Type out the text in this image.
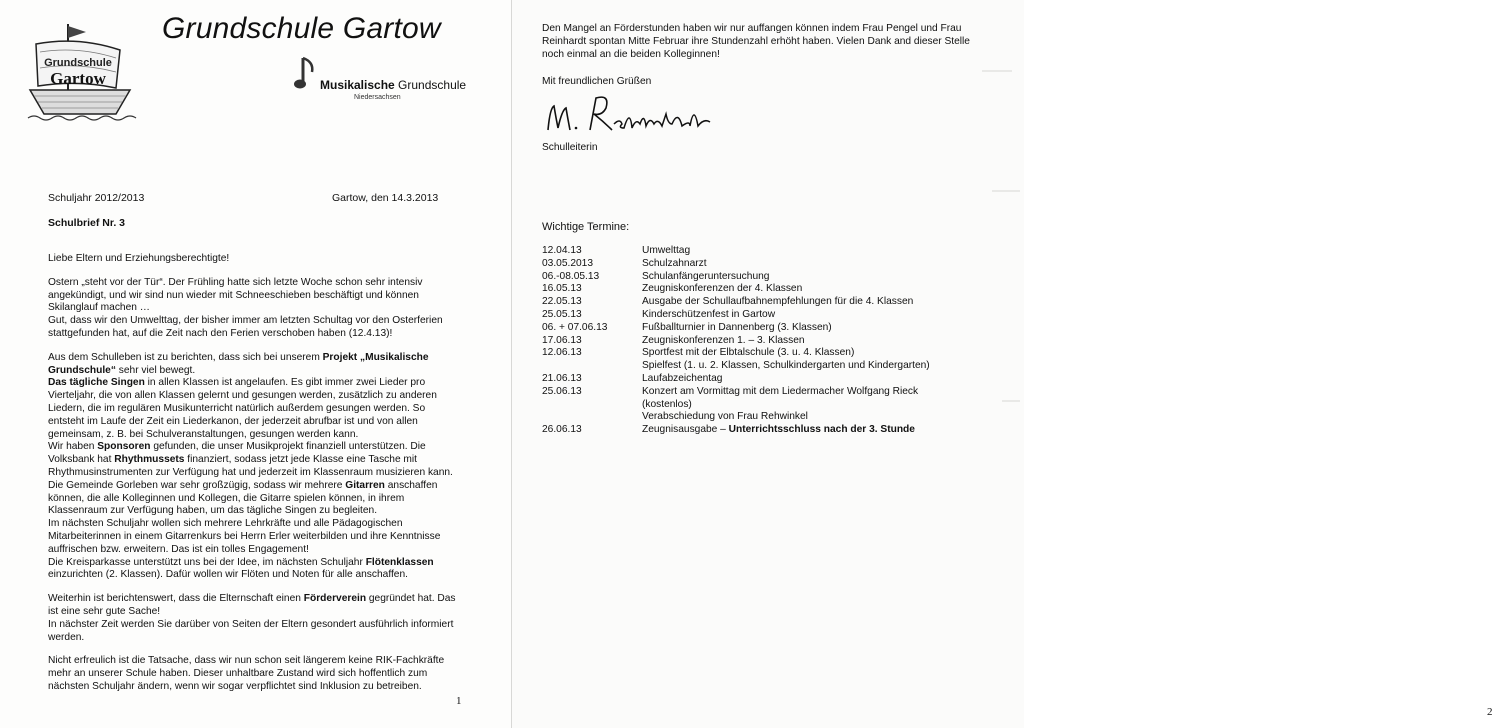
Grundschule
Gartow
Grundschule Gartow
Musikalische Grundschule
Niedersachsen
Schuljahr 2012/2013	Gartow, den 14.3.2013
Schulbrief Nr. 3

Liebe Eltern und Erziehungsberechtigte!

Ostern „steht vor der Tür“. Der Frühling hatte sich letzte Woche schon sehr intensiv angekündigt, und wir sind nun wieder mit Schneeschieben beschäftigt und können Skilanglauf machen …

Gut, dass wir den Umwelttag, der bisher immer am letzten Schultag vor den Osterferien stattgefunden hat, auf die Zeit nach den Ferien verschoben haben (12.4.13)!

Aus dem Schulleben ist zu berichten, dass sich bei unserem Projekt „Musikalische Grundschule“ sehr viel bewegt.

Das tägliche Singen in allen Klassen ist angelaufen. Es gibt immer zwei Lieder pro Vierteljahr, die von allen Klassen gelernt und gesungen werden, zusätzlich zu anderen Liedern, die im regulären Musikunterricht natürlich außerdem gesungen werden. So entsteht im Laufe der Zeit ein Liederkanon, der jederzeit abrufbar ist und von allen gemeinsam, z. B. bei Schulveranstaltungen, gesungen werden kann.

Wir haben Sponsoren gefunden, die unser Musikprojekt finanziell unterstützen. Die Volksbank hat Rhythmussets finanziert, sodass jetzt jede Klasse eine Tasche mit Rhythmusinstrumenten zur Verfügung hat und jederzeit im Klassenraum musizieren kann. Die Gemeinde Gorleben war sehr großzügig, sodass wir mehrere Gitarren anschaffen können, die alle Kolleginnen und Kollegen, die Gitarre spielen können, in ihrem Klassenraum zur Verfügung haben, um das tägliche Singen zu begleiten.

Im nächsten Schuljahr wollen sich mehrere Lehrkräfte und alle Pädagogischen Mitarbeiterinnen in einem Gitarrenkurs bei Herrn Erler weiterbilden und ihre Kenntnisse auffrischen bzw. erweitern. Das ist ein tolles Engagement!

Die Kreisparkasse unterstützt uns bei der Idee, im nächsten Schuljahr Flötenklassen einzurichten (2. Klassen). Dafür wollen wir Flöten und Noten für alle anschaffen.

Weiterhin ist berichtenswert, dass die Elternschaft einen Förderverein gegründet hat. Das ist eine sehr gute Sache!

In nächster Zeit werden Sie darüber von Seiten der Eltern gesondert ausführlich informiert werden.

Nicht erfreulich ist die Tatsache, dass wir nun schon seit längerem keine RIK-Fachkräfte mehr an unserer Schule haben. Dieser unhaltbare Zustand wird sich hoffentlich zum nächsten Schuljahr ändern, wenn wir sogar verpflichtet sind Inklusion zu betreiben.

1
2
Den Mangel an Förderstunden haben wir nur auffangen können indem Frau Pengel und Frau Reinhardt spontan Mitte Februar ihre Stundenzahl erhöht haben. Vielen Dank and dieser Stelle noch einmal an die beiden Kolleginnen!
Mit freundlichen Grüßen
Schulleiterin
Wichtige Termine:
12.04.13	Umwelttag
03.05.2013	Schulzahnarzt
06.-08.05.13	Schulanfängeruntersuchung
16.05.13	Zeugniskonferenzen der 4. Klassen
22.05.13	Ausgabe der Schullaufbahnempfehlungen für die 4. Klassen
25.05.13	Kinderschützenfest in Gartow
06. + 07.06.13	Fußballturnier in Dannenberg (3. Klassen)
17.06.13	Zeugniskonferenzen 1. – 3. Klassen
12.06.13	Sportfest mit der Elbtalschule (3. u. 4. Klassen)
Spielfest (1. u. 2. Klassen, Schulkindergarten und Kindergarten)
21.06.13	Laufabzeichentag
25.06.13	Konzert am Vormittag mit dem Liedermacher Wolfgang Rieck
(kostenlos)
Verabschiedung von Frau Rehwinkel
26.06.13	Zeugnisausgabe – Unterrichtsschluss nach der 3. Stunde
